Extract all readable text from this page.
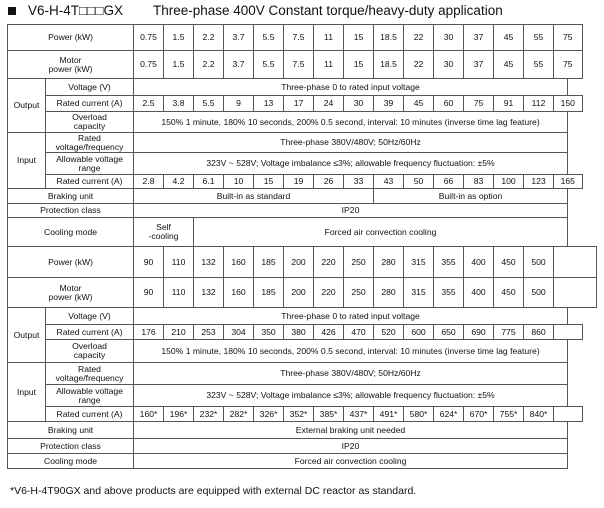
V6-H-4T□□□GX Three-phase 400V Constant torque/heavy-duty application
Power (kW)		0.75	1.5	2.2	3.7	5.5	7.5	11	15	18.5	22	30	37	45	55	75
Motor
power (kW)		0.75	1.5	2.2	3.7	5.5	7.5	11	15	18.5	22	30	37	45	55	75
Output	Voltage (V)	Three-phase 0 to rated input voltage														
	Rated current (A)	2.5	3.8	5.5	9	13	17	24	30	39	45	60	75	91	112	150
	Overload
capacity	150% 1 minute, 180% 10 seconds, 200% 0.5 second, interval: 10 minutes (inverse time lag feature)														
Input	Rated
voltage/frequency	Three-phase 380V/480V; 50Hz/60Hz														
	Allowable voltage
range	323V ~ 528V; Voltage imbalance ≤3%; allowable frequency fluctuation: ±5%														
	Rated current (A)	2.8	4.2	6.1	10	15	19	26	33	43	50	66	83	100	123	165
Braking unit		Built-in as standard								Built-in as option						
Protection class		IP20														
Cooling mode		Self
-cooling		Forced air convection cooling												
Power (kW)		90	110	132	160	185	200	220	250	280	315	355	400	450	500	
Motor
power (kW)		90	110	132	160	185	200	220	250	280	315	355	400	450	500	
Output	Voltage (V)	Three-phase 0 to rated input voltage														
	Rated current (A)	176	210	253	304	350	380	426	470	520	600	650	690	775	860	
	Overload
capacity	150% 1 minute, 180% 10 seconds, 200% 0.5 second, interval: 10 minutes (inverse time lag feature)														
Input	Rated
voltage/frequency	Three-phase 380V/480V; 50Hz/60Hz														
	Allowable voltage
range	323V ~ 528V; Voltage imbalance ≤3%; allowable frequency fluctuation: ±5%														
	Rated current (A)	160*	196*	232*	282*	326*	352*	385*	437*	491*	580*	624*	670*	755*	840*	
Braking unit		External braking unit needed														
Protection class		IP20														
Cooling mode		Forced air convection cooling														
*V6-H-4T90GX and above products are equipped with external DC reactor as standard.
